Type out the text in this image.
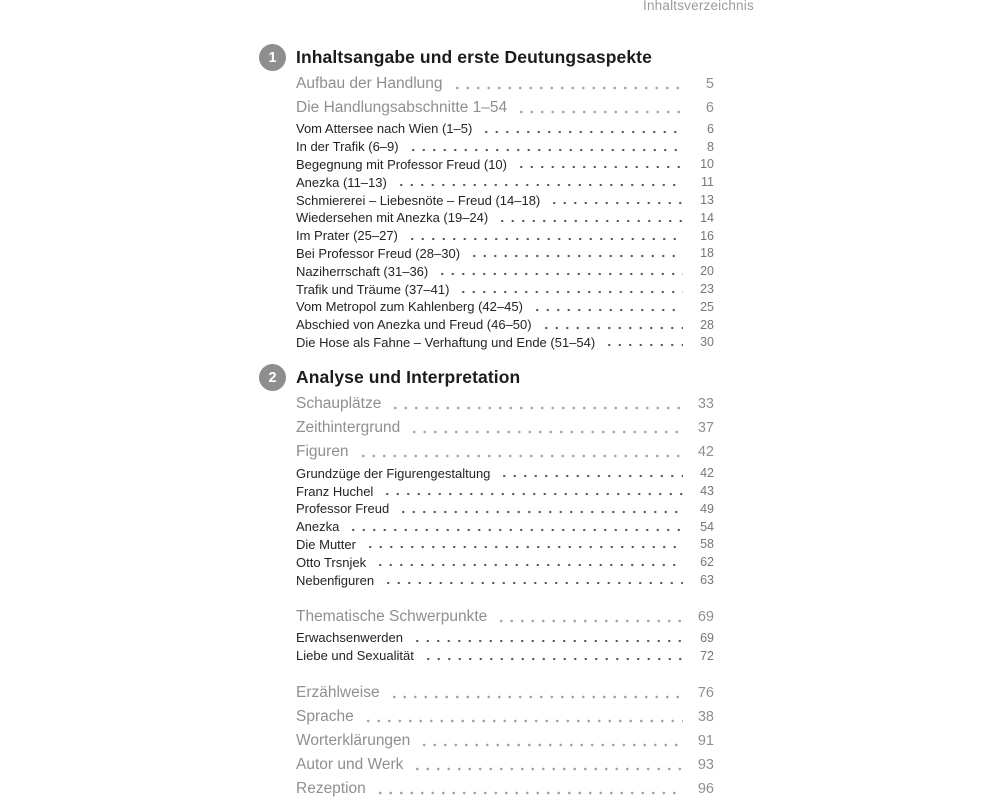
Inhaltsverzeichnis
1	Inhaltsangabe und erste Deutungsaspekte
Aufbau der Handlung	5
Die Handlungsabschnitte 1–54	6
Vom Attersee nach Wien (1–5)	6
In der Trafik (6–9)	8
Begegnung mit Professor Freud (10)	10
Anezka (11–13)	11
Schmiererei – Liebesnöte – Freud (14–18)	13
Wiedersehen mit Anezka (19–24)	14
Im Prater (25–27)	16
Bei Professor Freud (28–30)	18
Naziherrschaft (31–36)	20
Trafik und Träume (37–41)	23
Vom Metropol zum Kahlenberg (42–45)	25
Abschied von Anezka und Freud (46–50)	28
Die Hose als Fahne – Verhaftung und Ende (51–54)	30
2	Analyse und Interpretation
Schauplätze	33
Zeithintergrund	37
Figuren	42
Grundzüge der Figurengestaltung	42
Franz Huchel	43
Professor Freud	49
Anezka	54
Die Mutter	58
Otto Trsnjek	62
Nebenfiguren	63
Thematische Schwerpunkte	69
Erwachsenwerden	69
Liebe und Sexualität	72
Erzählweise	76
Sprache	38
Worterklärungen	91
Autor und Werk	93
Rezeption	96
